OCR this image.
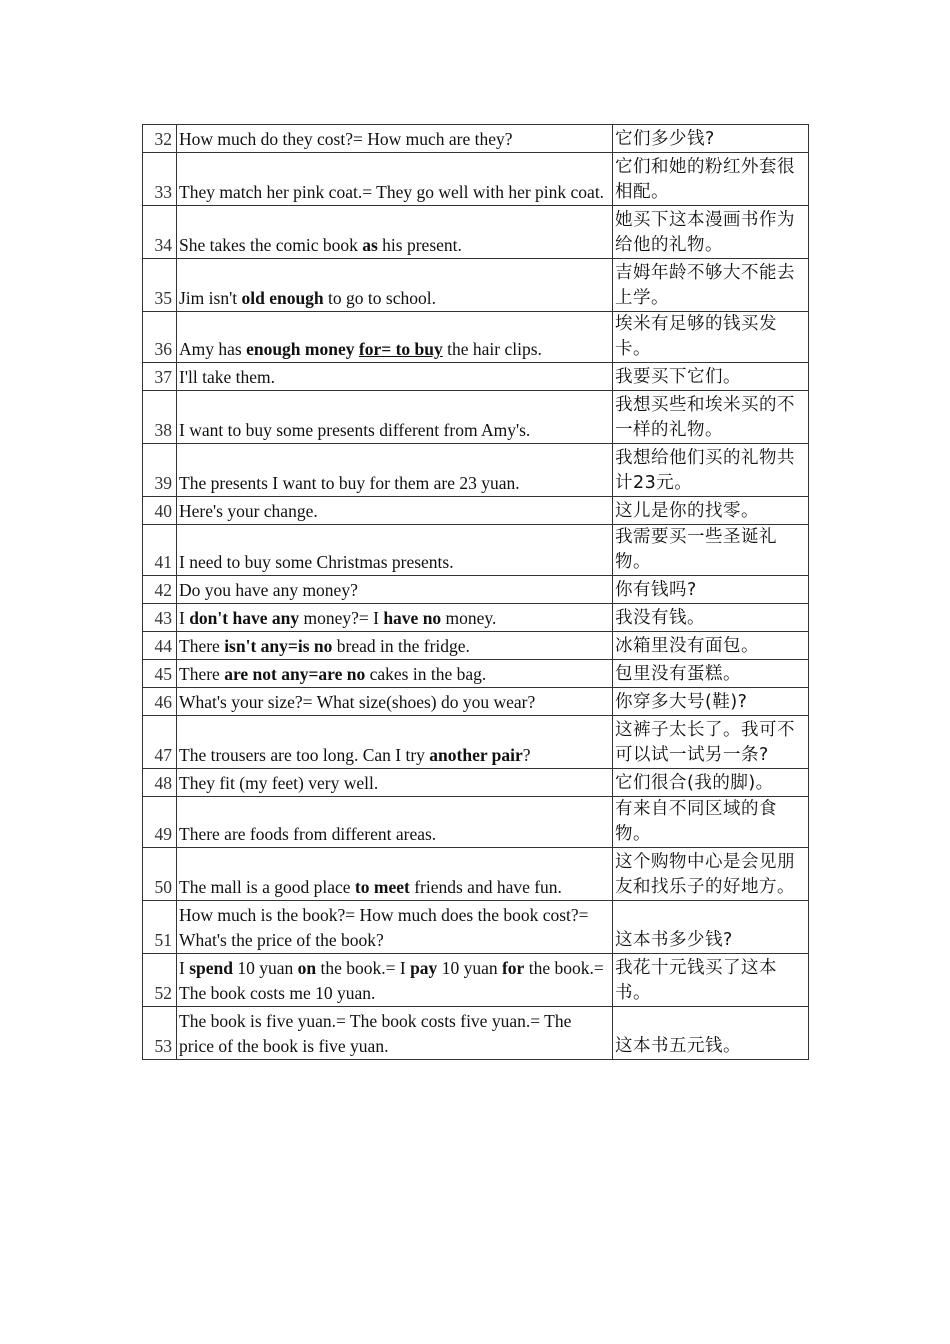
32	How much do they cost?= How much are they?	它们多少钱?
33	They match her pink coat.= They go well with her pink coat.	它们和她的粉红外套很相配。
34	She takes the comic book as his present.	她买下这本漫画书作为给他的礼物。
35	Jim isn't old enough to go to school.	吉姆年龄不够大不能去上学。
36	Amy has enough money for= to buy the hair clips.	埃米有足够的钱买发卡。
37	I'll take them.	我要买下它们。
38	I want to buy some presents different from Amy's.	我想买些和埃米买的不一样的礼物。
39	The presents I want to buy for them are 23 yuan.	我想给他们买的礼物共计23元。
40	Here's your change.	这儿是你的找零。
41	I need to buy some Christmas presents.	我需要买一些圣诞礼物。
42	Do you have any money?	你有钱吗?
43	I don't have any money?= I have no money.	我没有钱。
44	There isn't any=is no bread in the fridge.	冰箱里没有面包。
45	There are not any=are no cakes in the bag.	包里没有蛋糕。
46	What's your size?= What size(shoes) do you wear?	你穿多大号(鞋)?
47	The trousers are too long. Can I try another pair?	这裤子太长了。我可不可以试一试另一条?
48	They fit (my feet) very well.	它们很合(我的脚)。
49	There are foods from different areas.	有来自不同区域的食物。
50	The mall is a good place to meet friends and have fun.	这个购物中心是会见朋友和找乐子的好地方。
51	How much is the book?= How much does the book cost?= What's the price of the book?	这本书多少钱?
52	I spend 10 yuan on the book.= I pay 10 yuan for the book.= The book costs me 10 yuan.	我花十元钱买了这本书。
53	The book is five yuan.= The book costs five yuan.= The price of the book is five yuan.	这本书五元钱。
